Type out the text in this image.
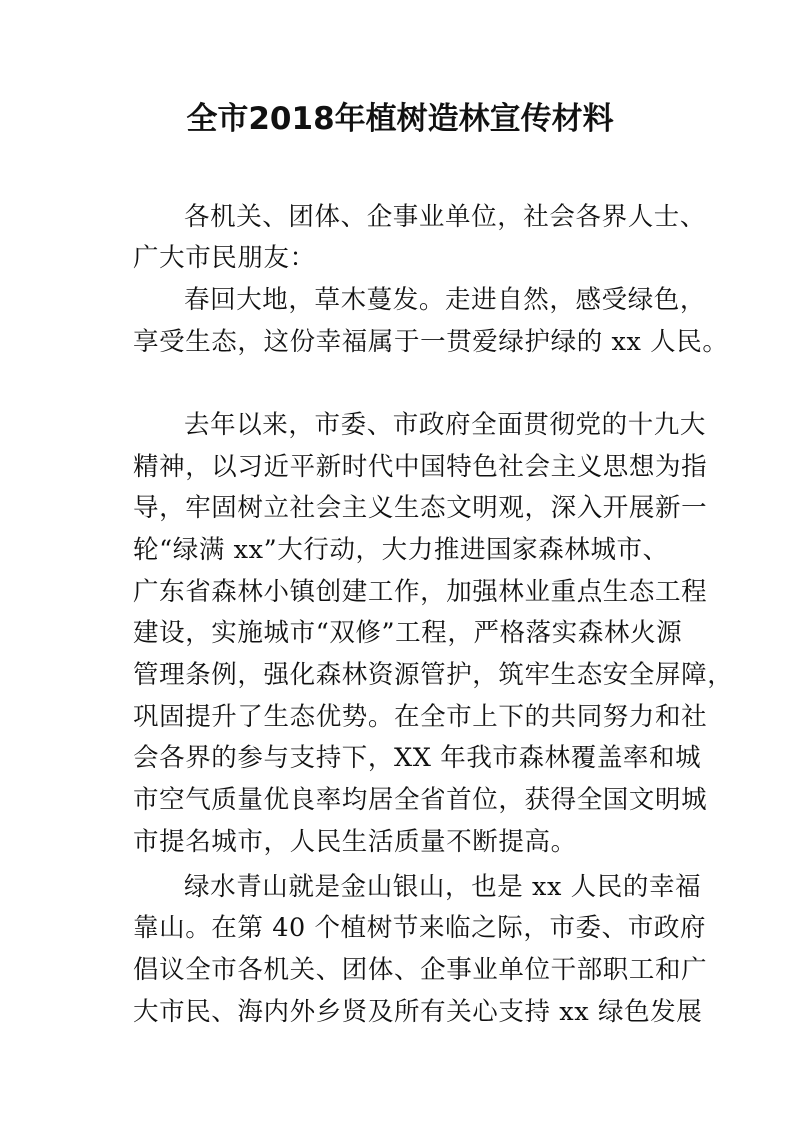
全市2018年植树造林宣传材料
各机关、团体、企事业单位，社会各界人士、
广大市民朋友：
春回大地，草木蔓发。走进自然，感受绿色，
享受生态，这份幸福属于一贯爱绿护绿的 xx 人民。
去年以来，市委、市政府全面贯彻党的十九大
精神，以习近平新时代中国特色社会主义思想为指
导，牢固树立社会主义生态文明观，深入开展新一
轮“绿满 xx”大行动，大力推进国家森林城市、
广东省森林小镇创建工作，加强林业重点生态工程
建设，实施城市“双修”工程，严格落实森林火源
管理条例，强化森林资源管护，筑牢生态安全屏障，
巩固提升了生态优势。在全市上下的共同努力和社
会各界的参与支持下，XX 年我市森林覆盖率和城
市空气质量优良率均居全省首位，获得全国文明城
市提名城市，人民生活质量不断提高。
绿水青山就是金山银山，也是 xx 人民的幸福
靠山。在第 40 个植树节来临之际，市委、市政府
倡议全市各机关、团体、企事业单位干部职工和广
大市民、海内外乡贤及所有关心支持 xx 绿色发展
